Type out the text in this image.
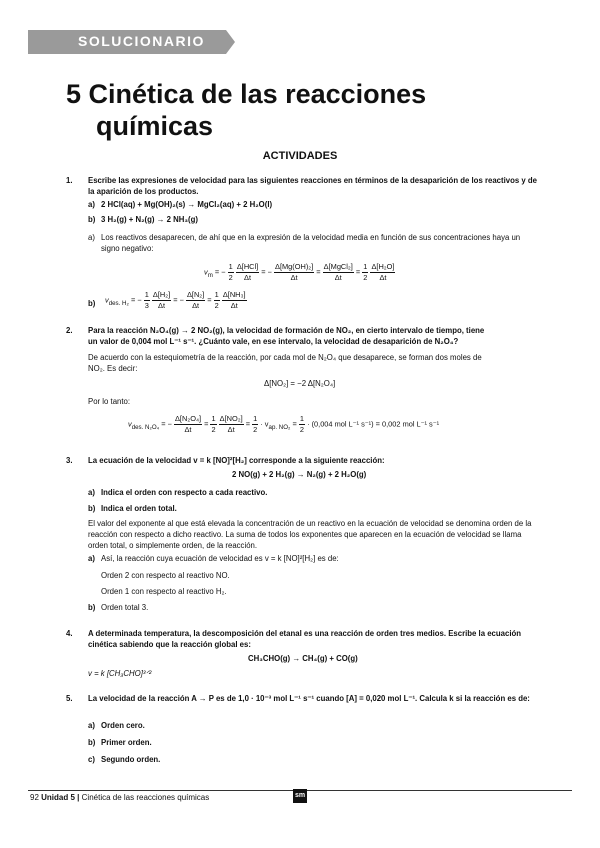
SOLUCIONARIO
5 Cinética de las reacciones
químicas
ACTIVIDADES
1. Escribe las expresiones de velocidad para las siguientes reacciones en términos de la desaparición de los reactivos y de la aparición de los productos.
a) 2 HCl(aq) + Mg(OH)₂(s) → MgCl₂(aq) + 2 H₂O(l)
b) 3 H₂(g) + N₂(g) → 2 NH₃(g)
a) Los reactivos desaparecen, de ahí que en la expresión de la velocidad media en función de sus concentraciones haya un signo negativo:
$v_m$ = − $\frac{1}{2}$
$\frac{\text{Δ[HCl]}}{\Delta t}$ = − $\frac{\text{Δ[Mg(OH)₂]}}{\Delta t} = \frac{\text{Δ[MgCl₂]}}{\Delta t} = \frac{1}{2}$
$\frac{\text{Δ[H₂O]}}{\Delta t}$
b) $v_{des. H_2}$ = − $\frac{1}{3}$
$\frac{\text{Δ[H₂]}}{\Delta t}$ = − $\frac{\text{Δ[N₂]}}{\Delta t} = \frac{1}{2}$
$\frac{\text{Δ[NH₃]}}{\Delta t}$
2. Para la reacción N₂O₄(g) → 2 NO₂(g), la velocidad de formación de NO₂, en cierto intervalo de tiempo, tiene
un valor de 0,004 mol L⁻¹ s⁻¹. ¿Cuánto vale, en ese intervalo, la velocidad de desaparición de N₂O₄?
De acuerdo con la estequiometría de la reacción, por cada mol de N₂O₄ que desaparece, se forman dos moles de
NO₂. Es decir:
Δ[NO₂] = −2 Δ[N₂O₄]
Por lo tanto:
$v_{des. N_2O_4}$ = − $\frac{\text{Δ[N₂O₄]}}{\Delta t} = \frac{1}{2}$
$\frac{\text{Δ[NO₂]}}{\Delta t} = \frac{1}{2} \cdot v_{ap. NO_2} = \frac{1}{2} \cdot (0,004$ mol L⁻¹ s⁻¹) = 0,002 mol L⁻¹ s⁻¹
3. La ecuación de la velocidad v = k [NO]²[H₂] corresponde a la siguiente reacción:
2 NO(g) + 2 H₂(g) → N₂(g) + 2 H₂O(g)
a) Indica el orden con respecto a cada reactivo.
b) Indica el orden total.
El valor del exponente al que está elevada la concentración de un reactivo en la ecuación de velocidad se denomina orden de la reacción con respecto a dicho reactivo. La suma de todos los exponentes que aparecen en la ecuación de velocidad se llama orden total, o simplemente orden, de la reacción.
a) Así, la reacción cuya ecuación de velocidad es v = k [NO]²[H₂] es de:
Orden 2 con respecto al reactivo NO.
Orden 1 con respecto al reactivo H₂.
b) Orden total 3.
4. A determinada temperatura, la descomposición del etanal es una reacción de orden tres medios. Escribe la ecuación cinética sabiendo que la reacción global es:
CH₃CHO(g) → CH₄(g) + CO(g)
v = k [CH₃CHO]³ᐟ²
5. La velocidad de la reacción A → P es de 1,0 · 10⁻³ mol L⁻¹ s⁻¹ cuando [A] = 0,020 mol L⁻¹. Calcula k si la reacción es de:
a) Orden cero.
b) Primer orden.
c) Segundo orden.
92 Unidad 5 | Cinética de las reacciones químicas	sm
